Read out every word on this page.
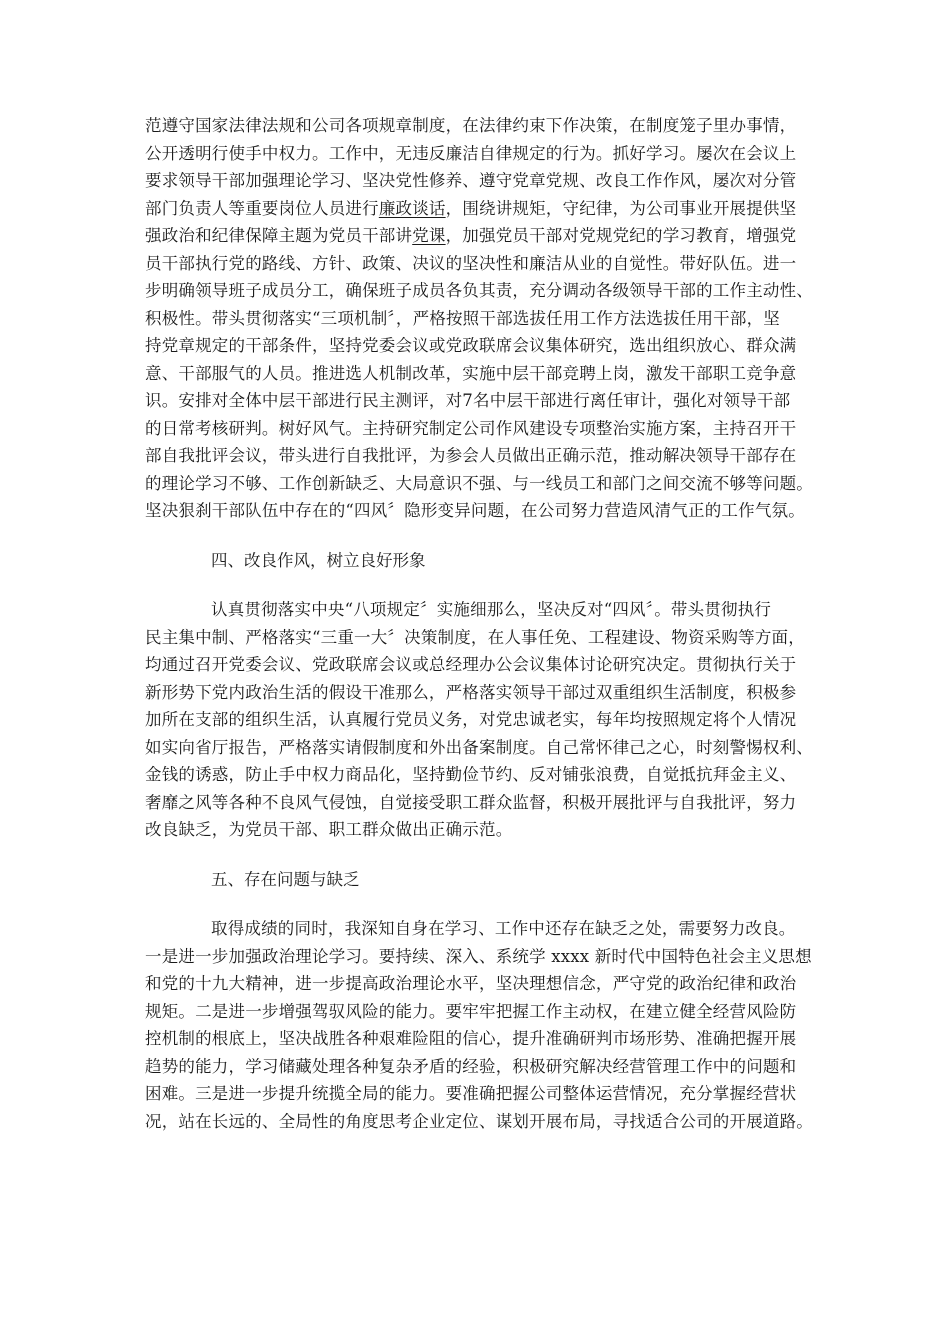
范遵守国家法律法规和公司各项规章制度，在法律约束下作决策，在制度笼子里办事情，

公开透明行使手中权力。工作中，无违反廉洁自律规定的行为。抓好学习。屡次在会议上

要求领导干部加强理论学习、坚决党性修养、遵守党章党规、改良工作作风，屡次对分管

部门负责人等重要岗位人员进行廉政谈话，围绕讲规矩，守纪律，为公司事业开展提供坚

强政治和纪律保障主题为党员干部讲党课，加强党员干部对党规党纪的学习教育，增强党

员干部执行党的路线、方针、政策、决议的坚决性和廉洁从业的自觉性。带好队伍。进一

步明确领导班子成员分工，确保班子成员各负其责，充分调动各级领导干部的工作主动性、

积极性。带头贯彻落实“三项机制〞，严格按照干部选拔任用工作方法选拔任用干部，坚

持党章规定的干部条件，坚持党委会议或党政联席会议集体研究，选出组织放心、群众满

意、干部服气的人员。推进选人机制改革，实施中层干部竞聘上岗，激发干部职工竞争意

识。安排对全体中层干部进行民主测评，对7名中层干部进行离任审计，强化对领导干部

的日常考核研判。树好风气。主持研究制定公司作风建设专项整治实施方案，主持召开干

部自我批评会议，带头进行自我批评，为参会人员做出正确示范，推动解决领导干部存在

的理论学习不够、工作创新缺乏、大局意识不强、与一线员工和部门之间交流不够等问题。

坚决狠刹干部队伍中存在的“四风〞隐形变异问题，在公司努力营造风清气正的工作气氛。

四、改良作风，树立良好形象

认真贯彻落实中央“八项规定〞实施细那么，坚决反对“四风〞。带头贯彻执行

民主集中制、严格落实“三重一大〞决策制度，在人事任免、工程建设、物资采购等方面，

均通过召开党委会议、党政联席会议或总经理办公会议集体讨论研究决定。贯彻执行关于

新形势下党内政治生活的假设干准那么，严格落实领导干部过双重组织生活制度，积极参

加所在支部的组织生活，认真履行党员义务，对党忠诚老实，每年均按照规定将个人情况

如实向省厅报告，严格落实请假制度和外出备案制度。自己常怀律己之心，时刻警惕权利、

金钱的诱惑，防止手中权力商品化，坚持勤俭节约、反对铺张浪费，自觉抵抗拜金主义、

奢靡之风等各种不良风气侵蚀，自觉接受职工群众监督，积极开展批评与自我批评，努力

改良缺乏，为党员干部、职工群众做出正确示范。

五、存在问题与缺乏

取得成绩的同时，我深知自身在学习、工作中还存在缺乏之处，需要努力改良。

一是进一步加强政治理论学习。要持续、深入、系统学 xxxx 新时代中国特色社会主义思想

和党的十九大精神，进一步提高政治理论水平，坚决理想信念，严守党的政治纪律和政治

规矩。二是进一步增强驾驭风险的能力。要牢牢把握工作主动权，在建立健全经营风险防

控机制的根底上，坚决战胜各种艰难险阻的信心，提升准确研判市场形势、准确把握开展

趋势的能力，学习储藏处理各种复杂矛盾的经验，积极研究解决经营管理工作中的问题和

困难。三是进一步提升统揽全局的能力。要准确把握公司整体运营情况，充分掌握经营状

况，站在长远的、全局性的角度思考企业定位、谋划开展布局，寻找适合公司的开展道路。
